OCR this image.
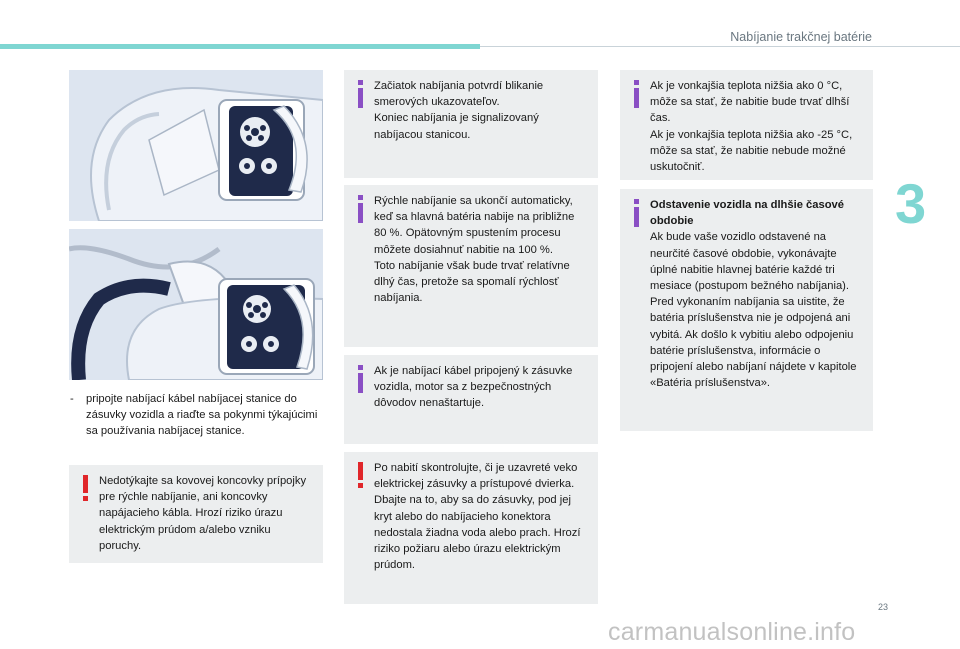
Nabíjanie trakčnej batérie
3
23
carmanualsonline.info
- pripojte nabíjací kábel nabíjacej stanice do zásuvky vozidla a riaďte sa pokynmi týkajúcimi sa používania nabíjacej stanice.

Nedotýkajte sa kovovej koncovky prípojky pre rýchle nabíjanie, ani koncovky napájacieho kábla. Hrozí riziko úrazu elektrickým prúdom a/alebo vzniku poruchy.

Začiatok nabíjania potvrdí blikanie smerových ukazovateľov.

Koniec nabíjania je signalizovaný nabíjacou stanicou.

Rýchle nabíjanie sa ukončí automaticky, keď sa hlavná batéria nabije na približne 80 %. Opätovným spustením procesu môžete dosiahnuť nabitie na 100 %.

Toto nabíjanie však bude trvať relatívne dlhý čas, pretože sa spomalí rýchlosť nabíjania.

Ak je nabíjací kábel pripojený k zásuvke vozidla, motor sa z bezpečnostných dôvodov nenaštartuje.

Po nabití skontrolujte, či je uzavreté veko elektrickej zásuvky a prístupové dvierka. Dbajte na to, aby sa do zásuvky, pod jej kryt alebo do nabíjacieho konektora nedostala žiadna voda alebo prach. Hrozí riziko požiaru alebo úrazu elektrickým prúdom.

Ak je vonkajšia teplota nižšia ako 0 °C, môže sa stať, že nabitie bude trvať dlhší čas.

Ak je vonkajšia teplota nižšia ako -25 °C, môže sa stať, že nabitie nebude možné uskutočniť.

Odstavenie vozidla na dlhšie časové obdobie

Ak bude vaše vozidlo odstavené na neurčité časové obdobie, vykonávajte úplné nabitie hlavnej batérie každé tri mesiace (postupom bežného nabíjania). Pred vykonaním nabíjania sa uistite, že batéria príslušenstva nie je odpojená ani vybitá. Ak došlo k vybitiu alebo odpojeniu batérie príslušenstva, informácie o pripojení alebo nabíjaní nájdete v kapitole «Batéria príslušenstva».
